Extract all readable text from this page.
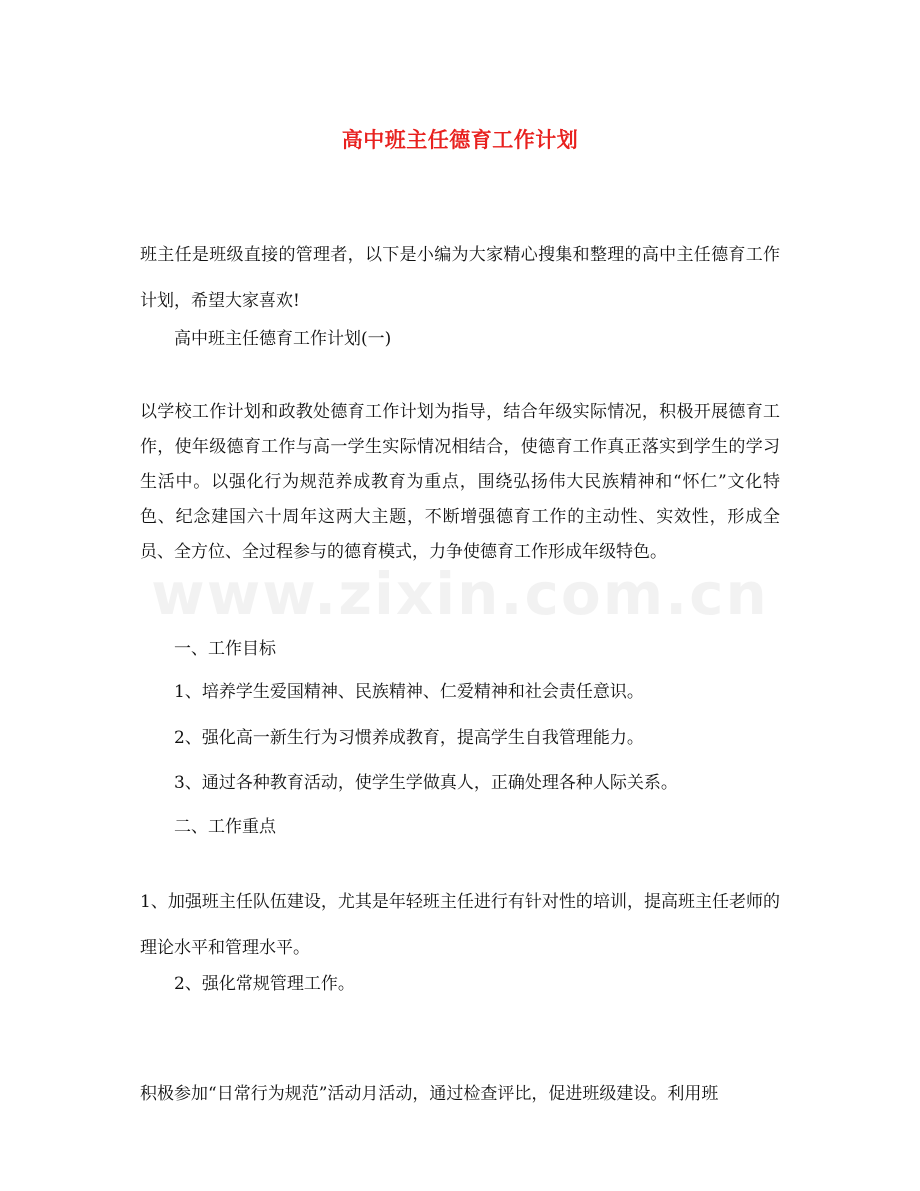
高中班主任德育工作计划

班主任是班级直接的管理者，以下是小编为大家精心搜集和整理的高中主任德育工作计划，希望大家喜欢!

高中班主任德育工作计划(一)

以学校工作计划和政教处德育工作计划为指导，结合年级实际情况，积极开展德育工作，使年级德育工作与高一学生实际情况相结合，使德育工作真正落实到学生的学习生活中。以强化行为规范养成教育为重点，围绕弘扬伟大民族精神和“怀仁”文化特色、纪念建国六十周年这两大主题，不断增强德育工作的主动性、实效性，形成全员、全方位、全过程参与的德育模式，力争使德育工作形成年级特色。

www.zixin.com.cn

一、工作目标

1、培养学生爱国精神、民族精神、仁爱精神和社会责任意识。

2、强化高一新生行为习惯养成教育，提高学生自我管理能力。

3、通过各种教育活动，使学生学做真人，正确处理各种人际关系。

二、工作重点

1、加强班主任队伍建设，尤其是年轻班主任进行有针对性的培训，提高班主任老师的理论水平和管理水平。

2、强化常规管理工作。

积极参加“日常行为规范”活动月活动，通过检查评比，促进班级建设。利用班
